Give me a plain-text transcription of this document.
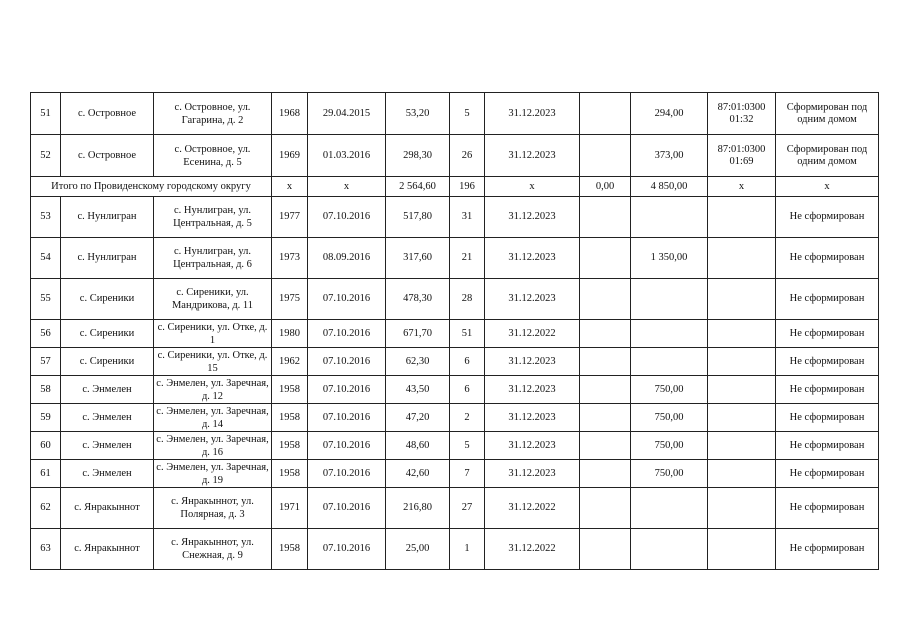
51	с. Островное	с. Островное, ул. Гагарина, д. 2	1968	29.04.2015	53,20	5	31.12.2023		294,00	87:01:0300 01:32	Сформирован под одним домом
52	с. Островное	с. Островное, ул. Есенина, д. 5	1969	01.03.2016	298,30	26	31.12.2023		373,00	87:01:0300 01:69	Сформирован под одним домом
Итого по Провиденскому городскому округу			х	х	2 564,60	196	х	0,00	4 850,00	х	х
53	с. Нунлигран	с. Нунлигран, ул. Центральная, д. 5	1977	07.10.2016	517,80	31	31.12.2023				Не сформирован
54	с. Нунлигран	с. Нунлигран, ул. Центральная, д. 6	1973	08.09.2016	317,60	21	31.12.2023		1 350,00		Не сформирован
55	с. Сиреники	с. Сиреники, ул. Мандрикова, д. 11	1975	07.10.2016	478,30	28	31.12.2023				Не сформирован
56	с. Сиреники	с. Сиреники, ул. Отке, д. 1	1980	07.10.2016	671,70	51	31.12.2022				Не сформирован
57	с. Сиреники	с. Сиреники, ул. Отке, д. 15	1962	07.10.2016	62,30	6	31.12.2023				Не сформирован
58	с. Энмелен	с. Энмелен, ул. Заречная, д. 12	1958	07.10.2016	43,50	6	31.12.2023		750,00		Не сформирован
59	с. Энмелен	с. Энмелен, ул. Заречная, д. 14	1958	07.10.2016	47,20	2	31.12.2023		750,00		Не сформирован
60	с. Энмелен	с. Энмелен, ул. Заречная, д. 16	1958	07.10.2016	48,60	5	31.12.2023		750,00		Не сформирован
61	с. Энмелен	с. Энмелен, ул. Заречная, д. 19	1958	07.10.2016	42,60	7	31.12.2023		750,00		Не сформирован
62	с. Янракыннот	с. Янракыннот, ул. Полярная, д. 3	1971	07.10.2016	216,80	27	31.12.2022				Не сформирован
63	с. Янракыннот	с. Янракыннот, ул. Снежная, д. 9	1958	07.10.2016	25,00	1	31.12.2022				Не сформирован
